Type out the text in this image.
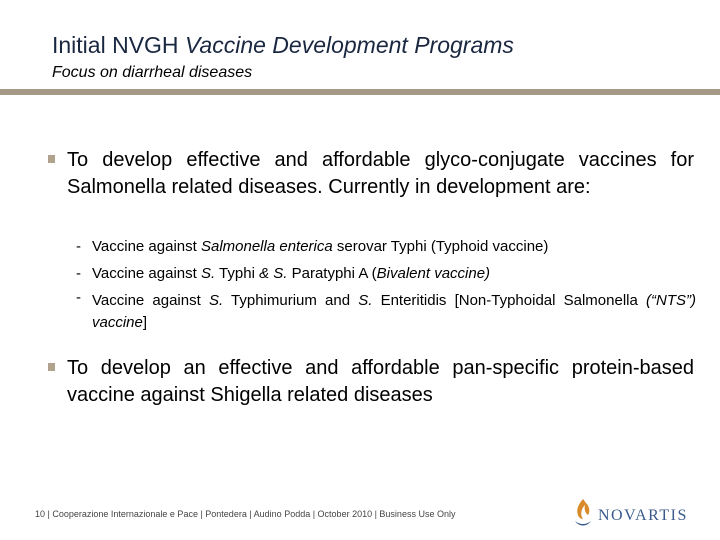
Initial NVGH Vaccine Development Programs

Focus on diarrheal diseases

To develop effective and affordable glyco-conjugate vaccines for Salmonella related diseases. Currently in development are:

- Vaccine against Salmonella enterica serovar Typhi (Typhoid vaccine)
- Vaccine against S. Typhi & S. Paratyphi A (Bivalent vaccine)
- Vaccine against S. Typhimurium and S. Enteritidis [Non-Typhoidal Salmonella (“NTS”) vaccine]

To develop an effective and affordable pan-specific protein-based vaccine against Shigella related diseases

10 | Cooperazione Internazionale e Pace | Pontedera | Audino Podda | October 2010 | Business Use Only	NOVARTIS
